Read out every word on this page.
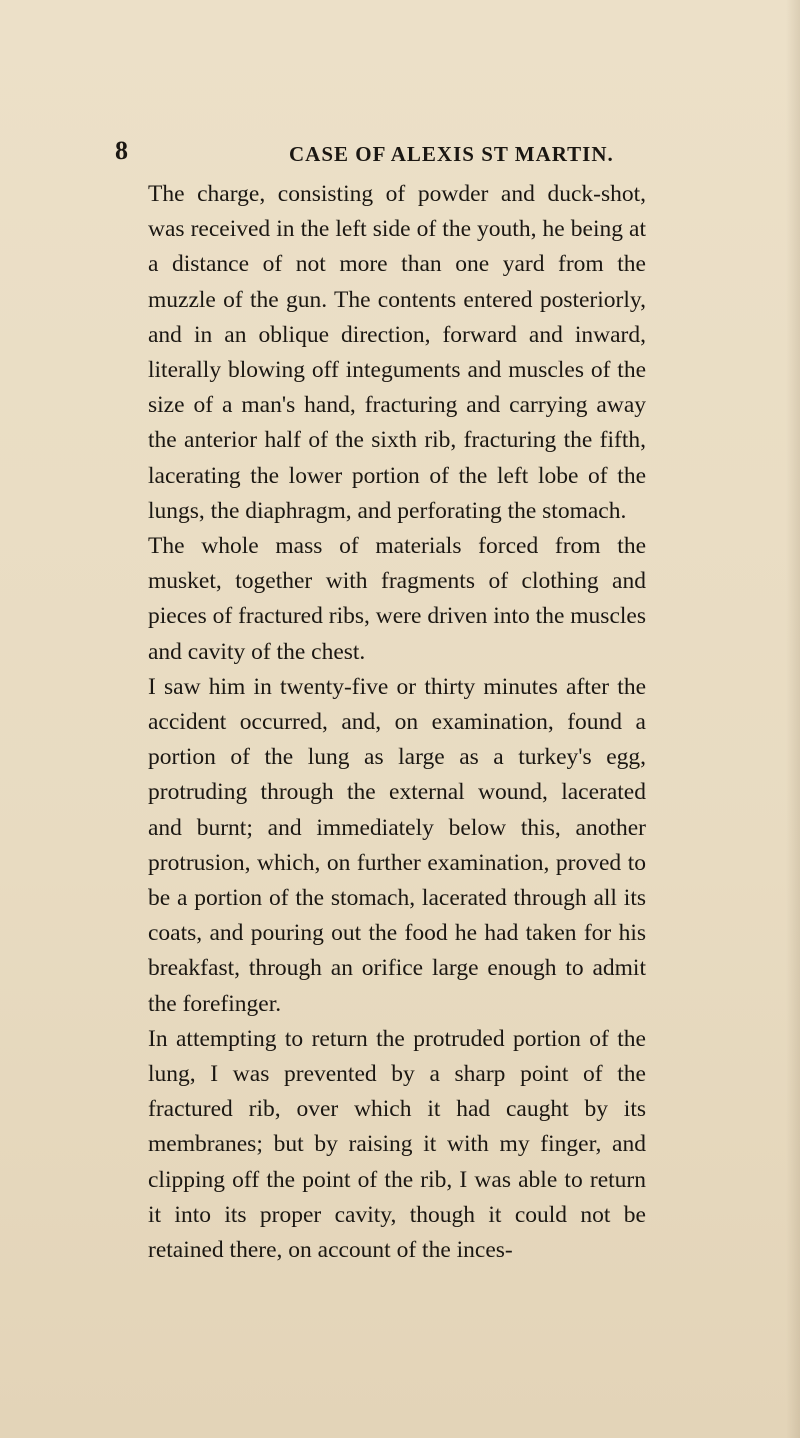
8	CASE OF ALEXIS ST MARTIN.

The charge, consisting of powder and duck-shot, was received in the left side of the youth, he being at a distance of not more than one yard from the muzzle of the gun. The contents entered posteriorly, and in an oblique direction, forward and inward, literally blowing off integuments and muscles of the size of a man's hand, fracturing and carrying away the anterior half of the sixth rib, fracturing the fifth, lacerating the lower portion of the left lobe of the lungs, the diaphragm, and perforating the stomach.

The whole mass of materials forced from the musket, together with fragments of clothing and pieces of fractured ribs, were driven into the muscles and cavity of the chest.

I saw him in twenty-five or thirty minutes after the accident occurred, and, on examination, found a portion of the lung as large as a turkey's egg, protruding through the external wound, lacerated and burnt; and immediately below this, another protrusion, which, on further examination, proved to be a portion of the stomach, lacerated through all its coats, and pouring out the food he had taken for his breakfast, through an orifice large enough to admit the forefinger.

In attempting to return the protruded portion of the lung, I was prevented by a sharp point of the fractured rib, over which it had caught by its membranes; but by raising it with my finger, and clipping off the point of the rib, I was able to return it into its proper cavity, though it could not be retained there, on account of the inces-
